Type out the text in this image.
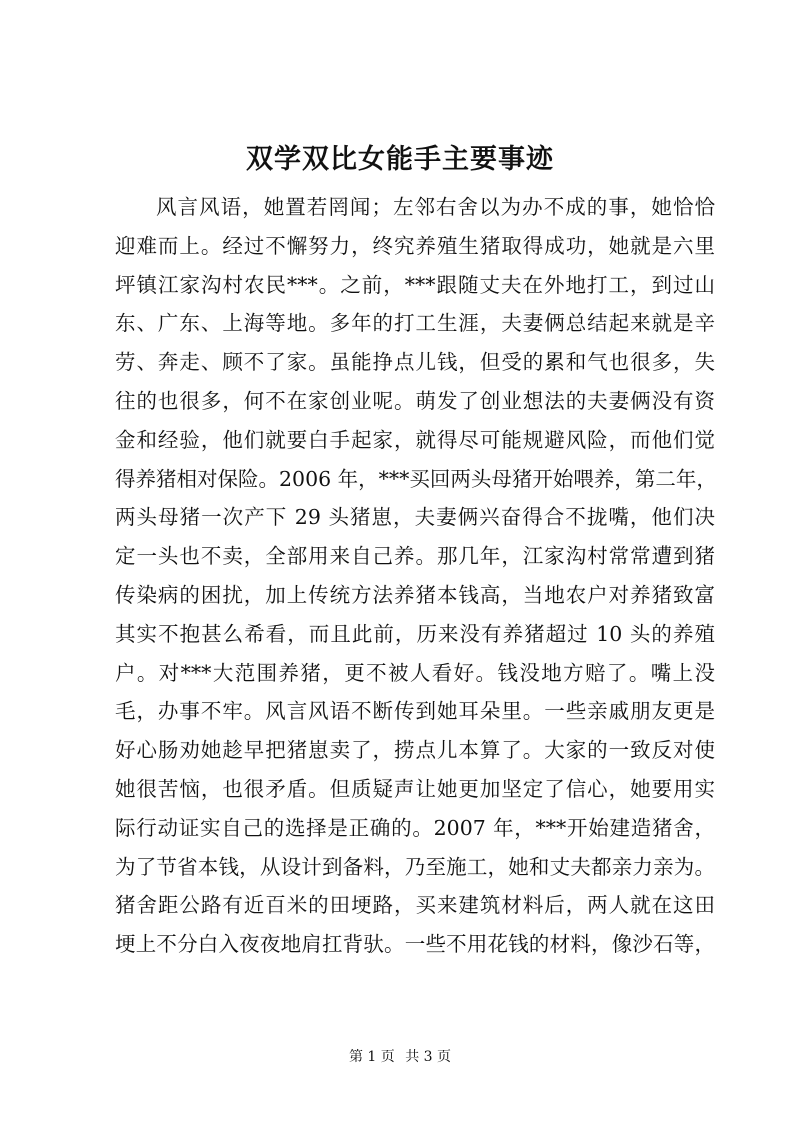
双学双比女能手主要事迹
风言风语，她置若罔闻；左邻右舍以为办不成的事，她恰恰
迎难而上。经过不懈努力，终究养殖生猪取得成功，她就是六里
坪镇江家沟村农民***。之前，***跟随丈夫在外地打工，到过山
东、广东、上海等地。多年的打工生涯，夫妻俩总结起来就是辛
劳、奔走、顾不了家。虽能挣点儿钱，但受的累和气也很多，失
往的也很多，何不在家创业呢。萌发了创业想法的夫妻俩没有资
金和经验，他们就要白手起家，就得尽可能规避风险，而他们觉
得养猪相对保险。2006 年，***买回两头母猪开始喂养，第二年，
两头母猪一次产下 29 头猪崽，夫妻俩兴奋得合不拢嘴，他们决
定一头也不卖，全部用来自己养。那几年，江家沟村常常遭到猪
传染病的困扰，加上传统方法养猪本钱高，当地农户对养猪致富
其实不抱甚么希看，而且此前，历来没有养猪超过 10 头的养殖
户。对***大范围养猪，更不被人看好。钱没地方赔了。嘴上没
毛，办事不牢。风言风语不断传到她耳朵里。一些亲戚朋友更是
好心肠劝她趁早把猪崽卖了，捞点儿本算了。大家的一致反对使
她很苦恼，也很矛盾。但质疑声让她更加坚定了信心，她要用实
际行动证实自己的选择是正确的。2007 年，***开始建造猪舍，
为了节省本钱，从设计到备料，乃至施工，她和丈夫都亲力亲为。
猪舍距公路有近百米的田埂路，买来建筑材料后，两人就在这田
埂上不分白入夜夜地肩扛背驮。一些不用花钱的材料，像沙石等，
第 1 页 共 3 页
